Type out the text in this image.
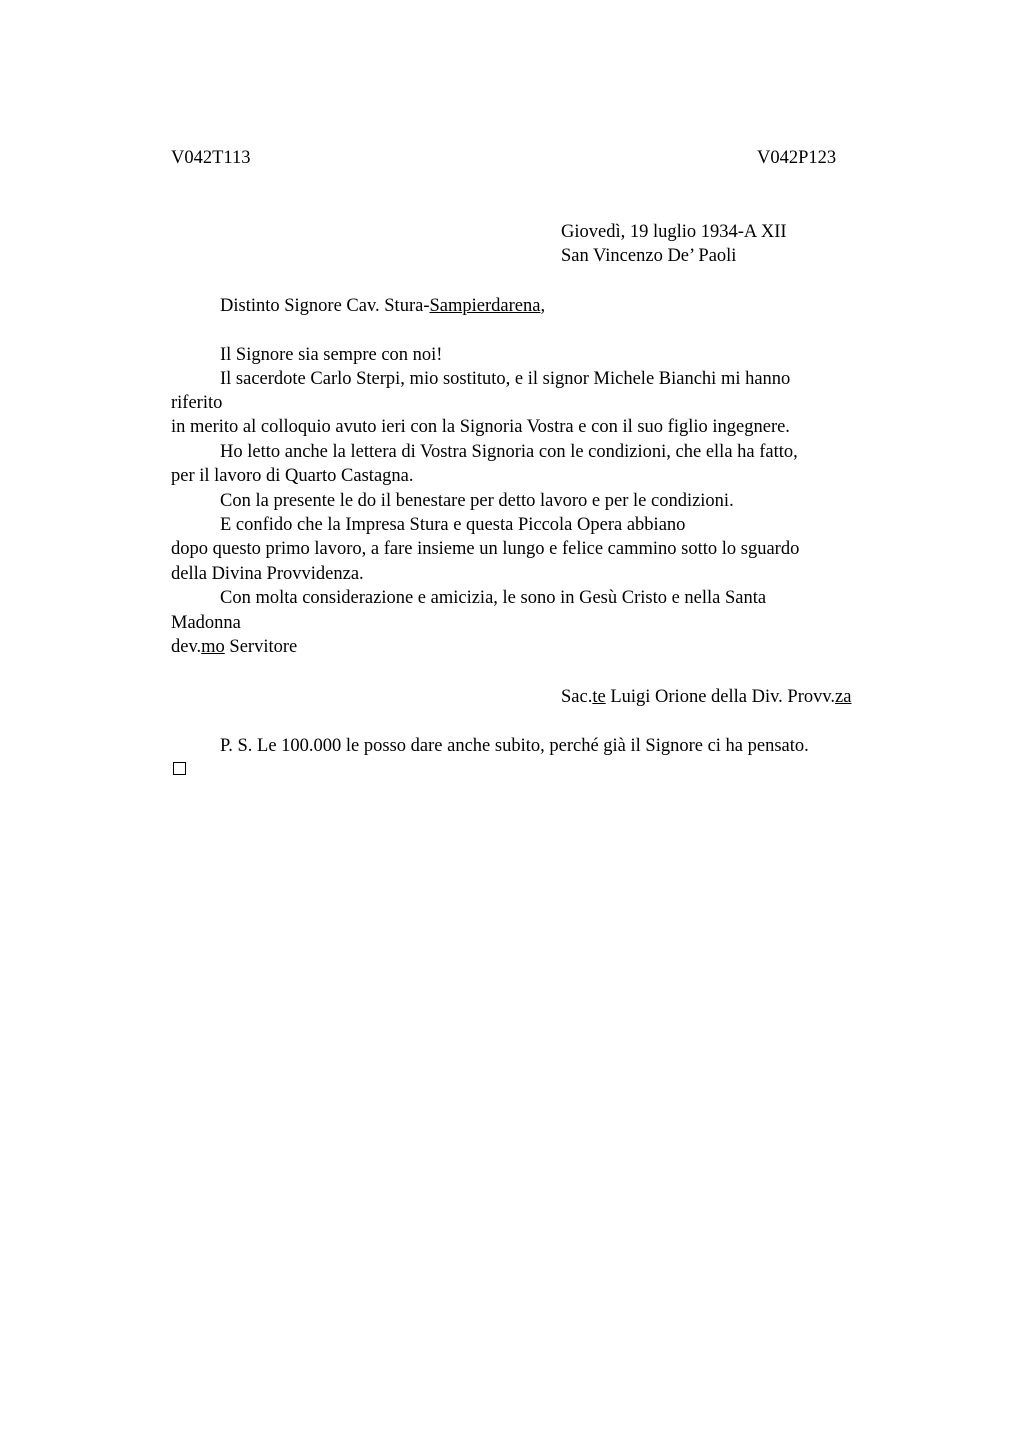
V042T113	V042P123
Giovedì, 19 luglio 1934-A XII
San Vincenzo De’ Paoli
Distinto Signore Cav. Stura-Sampierdarena,
Il Signore sia sempre con noi!
Il sacerdote Carlo Sterpi, mio sostituto, e il signor Michele Bianchi mi hanno
riferito
in merito al colloquio avuto ieri con la Signoria Vostra e con il suo figlio ingegnere.
Ho letto anche la lettera di Vostra Signoria con le condizioni, che ella ha fatto,
per il lavoro di Quarto Castagna.
Con la presente le do il benestare per detto lavoro e per le condizioni.
E confido che la Impresa Stura e questa Piccola Opera abbiano
dopo questo primo lavoro, a fare insieme un lungo e felice cammino sotto lo sguardo
della Divina Provvidenza.
Con molta considerazione e amicizia, le sono in Gesù Cristo e nella Santa
Madonna
dev.mo Servitore
Sac.te Luigi Orione della Div. Provv.za
P. S. Le 100.000 le posso dare anche subito, perché già il Signore ci ha pensato.
